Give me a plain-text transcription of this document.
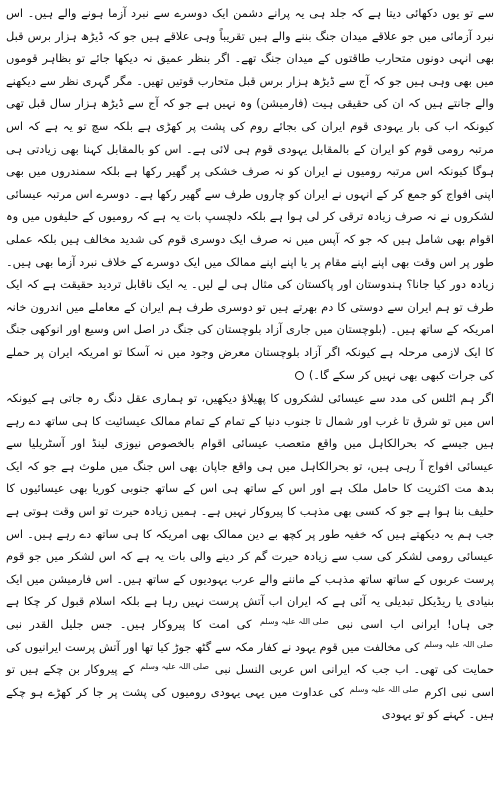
سے تو یوں دکھائی دیتا ہے کہ جلد ہی یہ پرانے دشمن ایک دوسرے سے نبرد آزما ہونے والے ہیں۔ اس نبرد آزمائی میں جو علاقے میدان جنگ بننے والے ہیں تقریباً وہی علاقے ہیں جو کہ ڈیڑھ ہزار برس قبل بھی انہی دونوں متحارب طاقتوں کے میدان جنگ تھے۔ اگر بنظر عمیق نہ دیکھا جائے تو بظاہر قوموں میں بھی وہی ہیں جو کہ آج سے ڈیڑھ ہزار برس قبل متحارب قوتیں تھیں۔ مگر گہری نظر سے دیکھنے والے جانتے ہیں کہ ان کی حقیقی ہیت (فارمیشن) وہ نہیں ہے جو کہ آج سے ڈیڑھ ہزار سال قبل تھی کیونکہ اب کی بار یہودی قوم ایران کی بجائے روم کی پشت پر کھڑی ہے بلکہ سچ تو یہ ہے کہ اس مرتبہ رومی قوم کو ایران کے بالمقابل یہودی قوم ہی لائی ہے۔ اس کو بالمقابل کہنا بھی زیادتی ہی ہوگا کیونکہ اس مرتبہ رومیوں نے ایران کو نہ صرف خشکی پر گھیر رکھا ہے بلکہ سمندروں میں بھی اپنی افواج کو جمع کر کے انہوں نے ایران کو چاروں طرف سے گھیر رکھا ہے۔ دوسرے اس مرتبہ عیسائی لشکروں نے نہ صرف زیادہ ترقی کر لی ہوا ہے بلکہ دلچسپ بات یہ ہے کہ رومیوں کے حلیفوں میں وہ اقوام بھی شامل ہیں کہ جو کہ آپس میں نہ صرف ایک دوسری قوم کی شدید مخالف ہیں بلکہ عملی طور پر اس وقت بھی اپنے اپنے مقام پر یا اپنے اپنے ممالک میں ایک دوسرے کے خلاف نبرد آزما بھی ہیں۔ زیادہ دور کیا جانا؟ ہندوستان اور پاکستان کی مثال ہی لے لیں۔ یہ ایک ناقابل تردید حقیقت ہے کہ ایک طرف تو ہم ایران سے دوستی کا دم بھرتے ہیں تو دوسری طرف ہم ایران کے معاملے میں اندرون خانہ امریکہ کے ساتھ ہیں۔ (بلوچستان میں جاری آزاد بلوچستان کی جنگ در اصل اس وسیع اور انوکھی جنگ کا ایک لازمی مرحلہ ہے کیونکہ اگر آزاد بلوچستان معرض وجود میں نہ آسکا تو امریکہ ایران پر حملے کی جرات کبھی بھی نہیں کر سکے گا۔)

اگر ہم اٹلس کی مدد سے عیسائی لشکروں کا پھیلاؤ دیکھیں، تو ہماری عقل دنگ رہ جاتی ہے کیونکہ اس میں تو شرق تا غرب اور شمال تا جنوب دنیا کے تمام کے تمام ممالک عیسائیت کا ہی ساتھ دے رہے ہیں جیسے کہ بحرالکاہل میں واقع متعصب عیسائی اقوام بالخصوص نیوزی لینڈ اور آسٹریلیا سے عیسائی افواج آ رہی ہیں، تو بحرالکاہل میں ہی واقع جاپان بھی اس جنگ میں ملوث ہے جو کہ ایک بدھ مت اکثریت کا حامل ملک ہے اور اس کے ساتھ ہی اس کے ساتھ جنوبی کوریا بھی عیسائیوں کا حلیف بنا ہوا ہے جو کہ کسی بھی مذہب کا پیروکار نہیں ہے۔ ہمیں زیادہ حیرت تو اس وقت ہوتی ہے جب ہم یہ دیکھتے ہیں کہ خفیہ طور پر کچھ بے دین ممالک بھی امریکہ کا ہی ساتھ دے رہے ہیں۔ اس عیسائی رومی لشکر کی سب سے زیادہ حیرت گم کر دینے والی بات یہ ہے کہ اس لشکر میں جو قوم پرست عربوں کے ساتھ ساتھ مذہب کے ماننے والے عرب یہودیوں کے ساتھ ہیں۔ اس فارمیشن میں ایک بنیادی یا ریڈیکل تبدیلی یہ آئی ہے کہ ایران اب آتش پرست نہیں رہا ہے بلکہ اسلام قبول کر چکا ہے جی ہاں! ایرانی اب اسی نبی صلی اللہ علیہ وسلم کی امت کا پیروکار ہیں۔ جس جلیل القدر نبی صلی اللہ علیہ وسلم کی مخالفت میں قوم یہود نے کفار مکہ سے گٹھ جوڑ کیا تھا اور آتش پرست ایرانیوں کی حمایت کی تھی۔ اب جب کہ ایرانی اس عربی النسل نبی صلی اللہ علیہ وسلم کے پیروکار بن چکے ہیں تو اسی نبی اکرم صلی اللہ علیہ وسلم کی عداوت میں یہی یہودی رومیوں کی پشت پر جا کر کھڑے ہو چکے ہیں۔ کہنے کو تو یہودی
